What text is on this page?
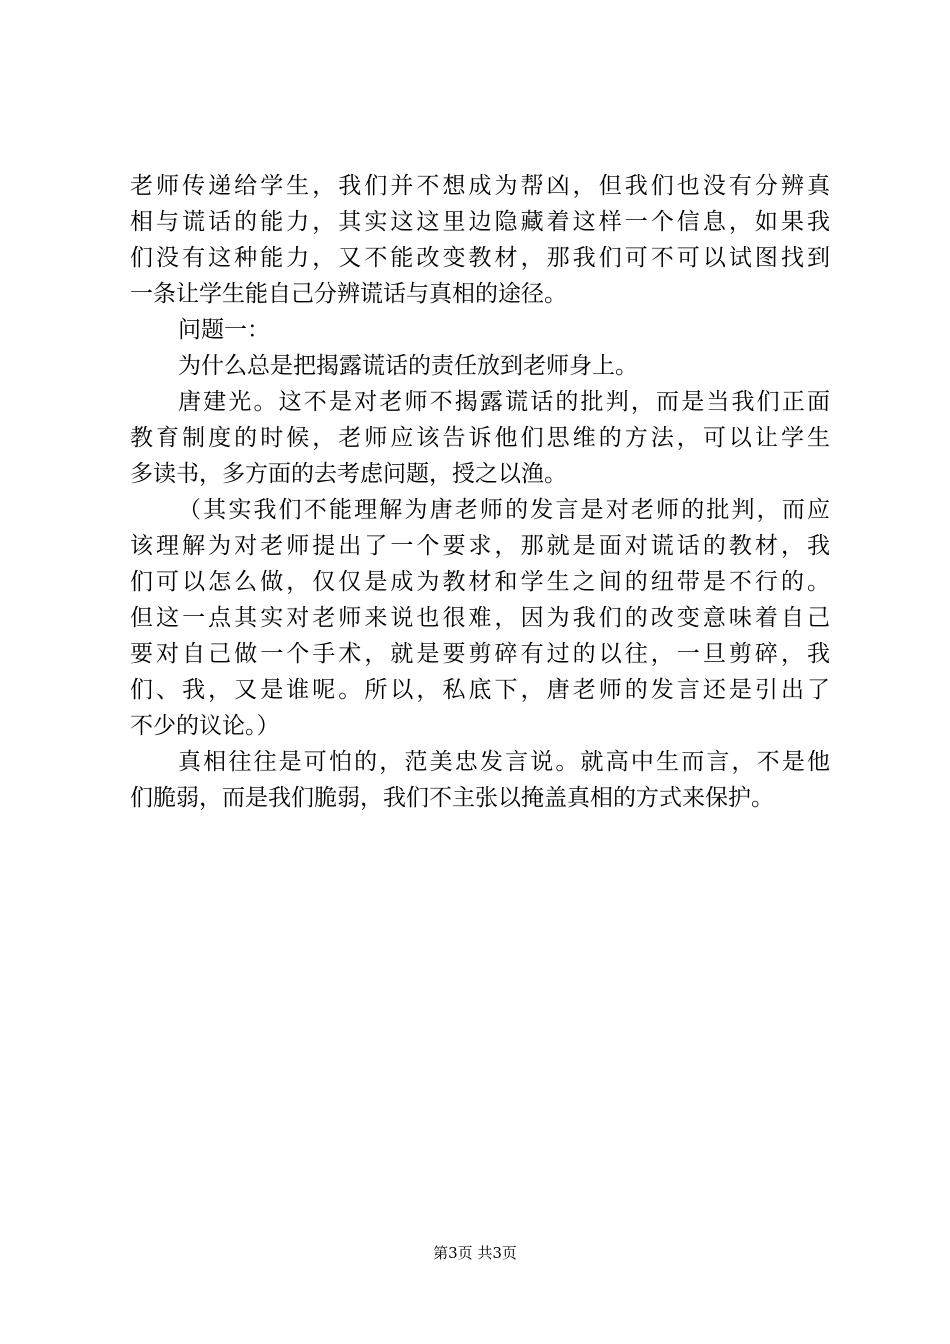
老师传递给学生，我们并不想成为帮凶，但我们也没有分辨真
相与谎话的能力，其实这这里边隐藏着这样一个信息，如果我
们没有这种能力，又不能改变教材，那我们可不可以试图找到
一条让学生能自己分辨谎话与真相的途径。
问题一：
为什么总是把揭露谎话的责任放到老师身上。
唐建光。这不是对老师不揭露谎话的批判，而是当我们正面
教育制度的时候，老师应该告诉他们思维的方法，可以让学生
多读书，多方面的去考虑问题，授之以渔。
（其实我们不能理解为唐老师的发言是对老师的批判，而应
该理解为对老师提出了一个要求，那就是面对谎话的教材，我
们可以怎么做，仅仅是成为教材和学生之间的纽带是不行的。
但这一点其实对老师来说也很难，因为我们的改变意味着自己
要对自己做一个手术，就是要剪碎有过的以往，一旦剪碎，我
们、我，又是谁呢。所以，私底下，唐老师的发言还是引出了
不少的议论。）
真相往往是可怕的，范美忠发言说。就高中生而言，不是他
们脆弱，而是我们脆弱，我们不主张以掩盖真相的方式来保护。
第3页 共3页
